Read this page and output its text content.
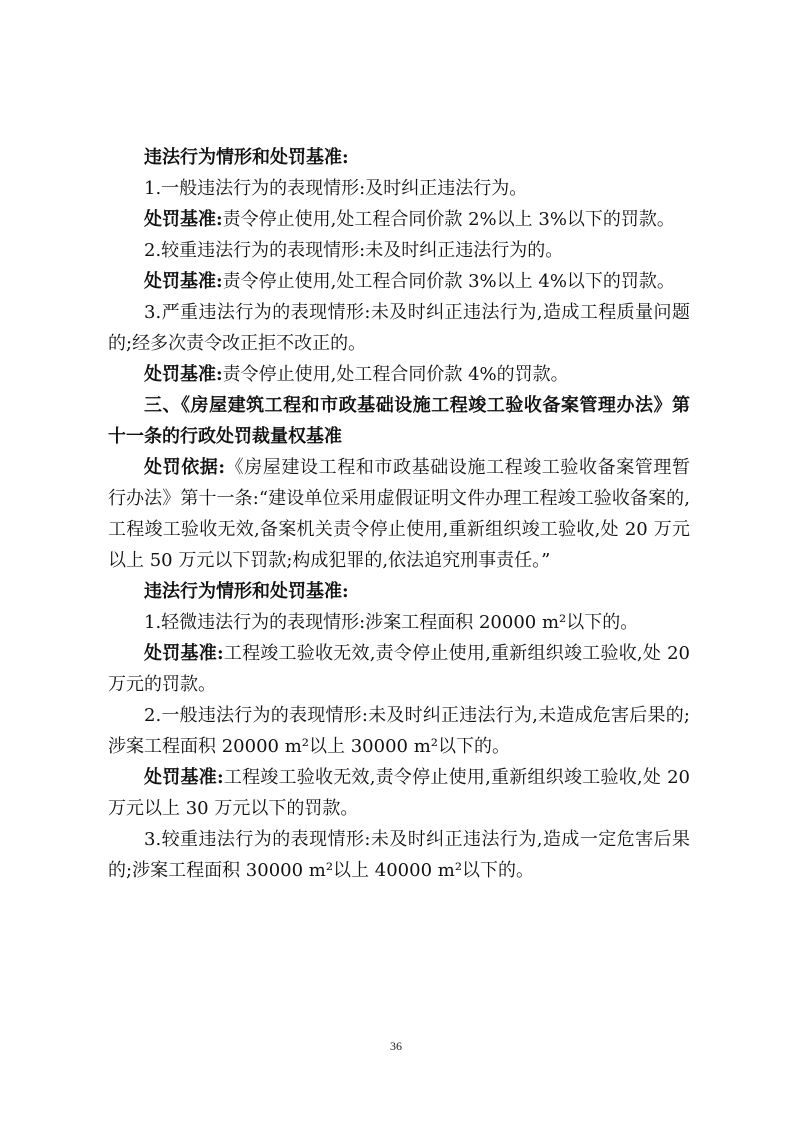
违法行为情形和处罚基准:

1.一般违法行为的表现情形:及时纠正违法行为。

处罚基准:责令停止使用,处工程合同价款 2%以上 3%以下的罚款。

2.较重违法行为的表现情形:未及时纠正违法行为的。

处罚基准:责令停止使用,处工程合同价款 3%以上 4%以下的罚款。

3.严重违法行为的表现情形:未及时纠正违法行为,造成工程质量问题的;经多次责令改正拒不改正的。

处罚基准:责令停止使用,处工程合同价款 4%的罚款。

三、《房屋建筑工程和市政基础设施工程竣工验收备案管理办法》第十一条的行政处罚裁量权基准

处罚依据:《房屋建设工程和市政基础设施工程竣工验收备案管理暂行办法》第十一条:“建设单位采用虚假证明文件办理工程竣工验收备案的,工程竣工验收无效,备案机关责令停止使用,重新组织竣工验收,处 20 万元以上 50 万元以下罚款;构成犯罪的,依法追究刑事责任。”

违法行为情形和处罚基准:

1.轻微违法行为的表现情形:涉案工程面积 20000 m²以下的。

处罚基准:工程竣工验收无效,责令停止使用,重新组织竣工验收,处 20 万元的罚款。

2.一般违法行为的表现情形:未及时纠正违法行为,未造成危害后果的;涉案工程面积 20000 m²以上 30000 m²以下的。

处罚基准:工程竣工验收无效,责令停止使用,重新组织竣工验收,处 20 万元以上 30 万元以下的罚款。

3.较重违法行为的表现情形:未及时纠正违法行为,造成一定危害后果的;涉案工程面积 30000 m²以上 40000 m²以下的。

36
